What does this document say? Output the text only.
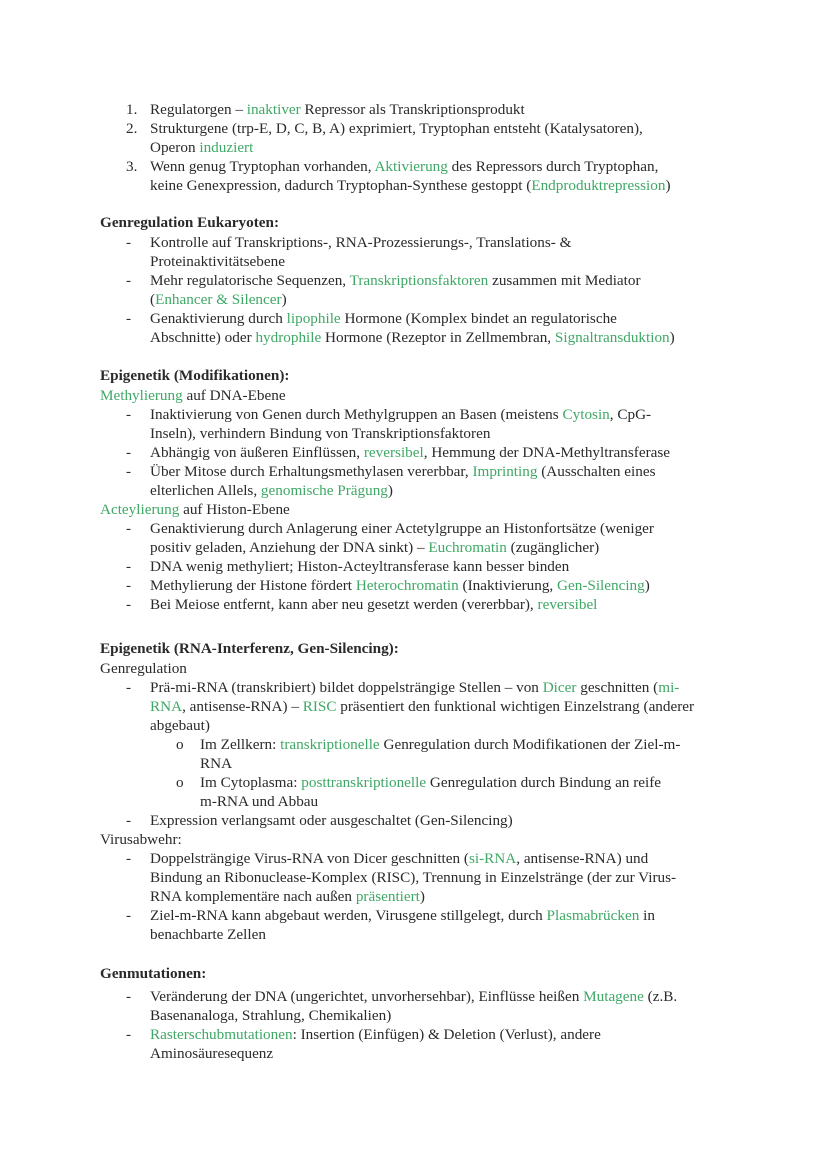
1. Regulatorgen – inaktiver Repressor als Transkriptionsprodukt
2. Strukturgene (trp-E, D, C, B, A) exprimiert, Tryptophan entsteht (Katalysatoren),
Operon induziert
3. Wenn genug Tryptophan vorhanden, Aktivierung des Repressors durch Tryptophan,
keine Genexpression, dadurch Tryptophan-Synthese gestoppt (Endproduktrepression)
Genregulation Eukaryoten:
- Kontrolle auf Transkriptions-, RNA-Prozessierungs-, Translations- &
Proteinaktivitätsebene
- Mehr regulatorische Sequenzen, Transkriptionsfaktoren zusammen mit Mediator
(Enhancer & Silencer)
- Genaktivierung durch lipophile Hormone (Komplex bindet an regulatorische
Abschnitte) oder hydrophile Hormone (Rezeptor in Zellmembran, Signaltransduktion)
Epigenetik (Modifikationen):
Methylierung auf DNA-Ebene
- Inaktivierung von Genen durch Methylgruppen an Basen (meistens Cytosin, CpG-
Inseln), verhindern Bindung von Transkriptionsfaktoren
- Abhängig von äußeren Einflüssen, reversibel, Hemmung der DNA-Methyltransferase
- Über Mitose durch Erhaltungsmethylasen vererbbar, Imprinting (Ausschalten eines
elterlichen Allels, genomische Prägung)
Acteylierung auf Histon-Ebene
- Genaktivierung durch Anlagerung einer Actetylgruppe an Histonfortsätze (weniger
positiv geladen, Anziehung der DNA sinkt) – Euchromatin (zugänglicher)
- DNA wenig methyliert; Histon-Acteyltransferase kann besser binden
- Methylierung der Histone fördert Heterochromatin (Inaktivierung, Gen-Silencing)
- Bei Meiose entfernt, kann aber neu gesetzt werden (vererbbar), reversibel
Epigenetik (RNA-Interferenz, Gen-Silencing):
Genregulation
- Prä-mi-RNA (transkribiert) bildet doppelsträngige Stellen – von Dicer geschnitten (mi-
RNA, antisense-RNA) – RISC präsentiert den funktional wichtigen Einzelstrang (anderer
abgebaut)
o Im Zellkern: transkriptionelle Genregulation durch Modifikationen der Ziel-m-
RNA
o Im Cytoplasma: posttranskriptionelle Genregulation durch Bindung an reife
m-RNA und Abbau
- Expression verlangsamt oder ausgeschaltet (Gen-Silencing)
Virusabwehr:
- Doppelsträngige Virus-RNA von Dicer geschnitten (si-RNA, antisense-RNA) und
Bindung an Ribonuclease-Komplex (RISC), Trennung in Einzelstränge (der zur Virus-
RNA komplementäre nach außen präsentiert)
- Ziel-m-RNA kann abgebaut werden, Virusgene stillgelegt, durch Plasmabrücken in
benachbarte Zellen
Genmutationen:
- Veränderung der DNA (ungerichtet, unvorhersehbar), Einflüsse heißen Mutagene (z.B.
Basenanaloga, Strahlung, Chemikalien)
- Rasterschubmutationen: Insertion (Einfügen) & Deletion (Verlust), andere
Aminosäuresequenz
